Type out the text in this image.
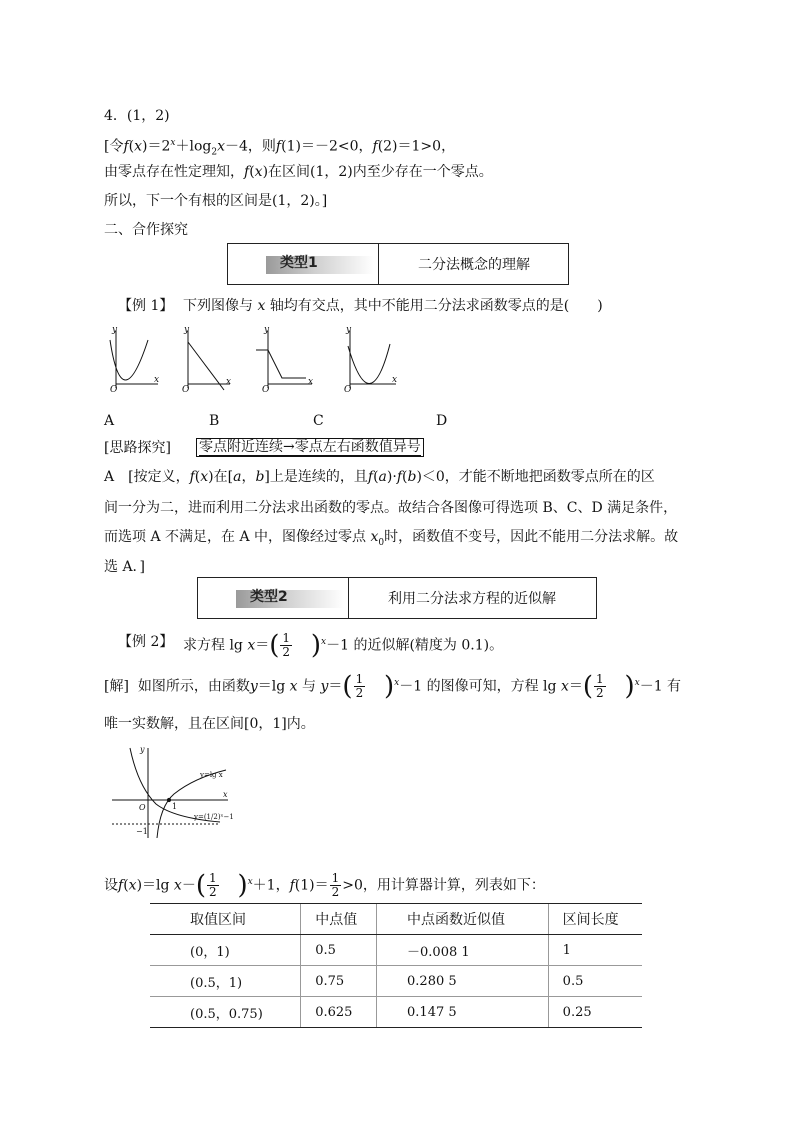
4．(1，2)
[令$f(x)=2^x+\log_2x-4$，则f(1)＝－2<0，f(2)＝1>0，
由零点存在性定理知，f(x)在区间(1，2)内至少存在一个零点。
所以，下一个有根的区间是(1，2)。]
二、合作探究
类型1	二分法概念的理解
【例 1】 下列图像与 x 轴均有交点，其中不能用二分法求函数零点的是(　　)
y
x
O
y
x
O
y
x
O
y
x
O
A	B	C	D
[思路探究] 零点附近连续→零点左右函数值异号
A　[按定义，f(x)在[a，b]上是连续的，且f(a)·f(b)＜0，才能不断地把函数零点所在的区
间一分为二，进而利用二分法求出函数的零点。故结合各图像可得选项 B、C、D 满足条件，
而选项 A 不满足，在 A 中，图像经过零点 $x_0$时，函数值不变号，因此不能用二分法求解。故
选 A．]
类型2	利用二分法求方程的近似解
【例 2】 求方程 $\lg x=( \frac{1}{2} )^x-1$ 的近似解(精度为 0.1)。
[解] 如图所示，由函数y＝lg x 与 $y=( \frac{1}{2} )^x-1$ 的图像可知，方程 $\lg x=( \frac{1}{2} )^x-1$ 有
唯一实数解，且在区间[0，1]内。
y
x
O	1
−1
y=lg x
y=(1/2)ˣ−1
设f(x)＝lg $x-( \frac{1}{2} )^x+1$，$f(1)= \frac{1}{2} >0$，用计算器计算，列表如下：
取值区间	中点值	中点函数近似值	区间长度
(0，1)	0.5	－0.008 1	1
(0.5，1)	0.75	0.280 5	0.5
(0.5，0.75)	0.625	0.147 5	0.25
